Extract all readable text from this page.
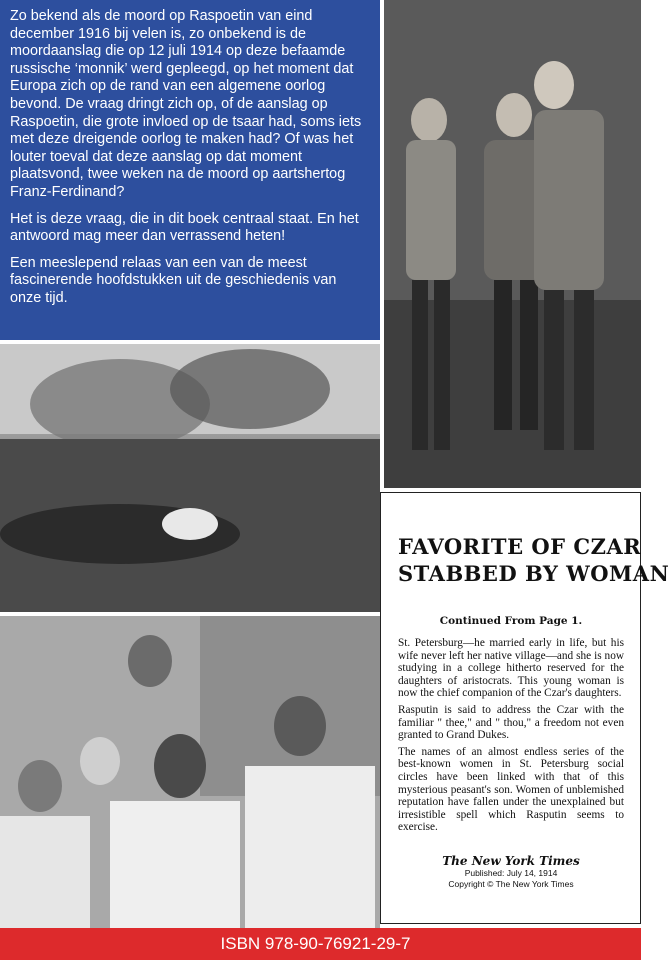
Zo bekend als de moord op Raspoetin van eind december 1916 bij velen is, zo onbekend is de moordaanslag die op 12 juli 1914 op deze befaamde russische ‘monnik’ werd gepleegd, op het moment dat Europa zich op de rand van een algemene oorlog bevond. De vraag dringt zich op, of de aanslag op Raspoetin, die grote invloed op de tsaar had, soms iets met deze dreigende oorlog te maken had? Of was het louter toeval dat deze aanslag op dat moment plaatsvond, twee weken na de moord op aartshertog Franz-Ferdinand?

Het is deze vraag, die in dit boek centraal staat. En het antwoord mag meer dan verrassend heten!

Een meeslepend relaas van een van de meest fascinerende hoofdstukken uit de geschiedenis van onze tijd.

FAVORITE OF CZAR
STABBED BY WOMAN
Continued From Page 1.

St. Petersburg—he married early in life, but his wife never left her native village—and she is now studying in a college hitherto reserved for the daughters of aristocrats. This young woman is now the chief companion of the Czar's daughters.

Rasputin is said to address the Czar with the familiar " thee," and " thou," a freedom not even granted to Grand Dukes.

The names of an almost endless series of the best-known women in St. Petersburg social circles have been linked with that of this mysterious peasant's son. Women of unblemished reputation have fallen under the unexplained but irresistible spell which Rasputin seems to exercise.

The New York Times
Published: July 14, 1914
Copyright © The New York Times
ISBN 978-90-76921-29-7
